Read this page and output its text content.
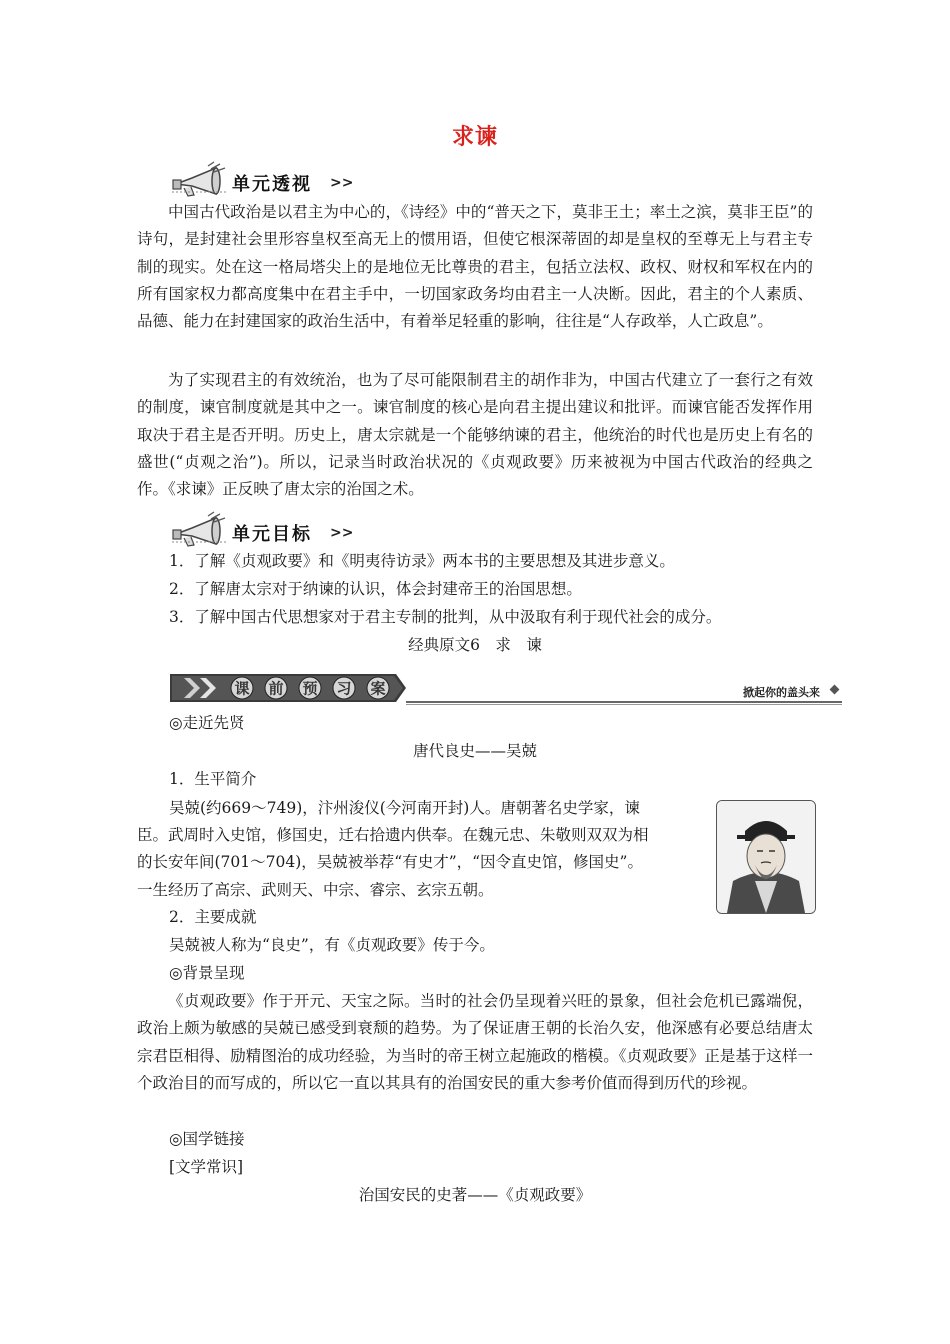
求谏
单元透视 >>

中国古代政治是以君主为中心的，《诗经》中的“普天之下，莫非王土；率土之滨，莫非王臣”的诗句，是封建社会里形容皇权至高无上的惯用语，但使它根深蒂固的却是皇权的至尊无上与君主专制的现实。处在这一格局塔尖上的是地位无比尊贵的君主，包括立法权、政权、财权和军权在内的所有国家权力都高度集中在君主手中，一切国家政务均由君主一人决断。因此，君主的个人素质、品德、能力在封建国家的政治生活中，有着举足轻重的影响，往往是“人存政举，人亡政息”。

为了实现君主的有效统治，也为了尽可能限制君主的胡作非为，中国古代建立了一套行之有效的制度，谏官制度就是其中之一。谏官制度的核心是向君主提出建议和批评。而谏官能否发挥作用取决于君主是否开明。历史上，唐太宗就是一个能够纳谏的君主，他统治的时代也是历史上有名的盛世(“贞观之治”)。所以，记录当时政治状况的《贞观政要》历来被视为中国古代政治的经典之作。《求谏》正反映了唐太宗的治国之术。

单元目标 >>

1．了解《贞观政要》和《明夷待访录》两本书的主要思想及其进步意义。

2．了解唐太宗对于纳谏的认识，体会封建帝王的治国思想。

3．了解中国古代思想家对于君主专制的批判，从中汲取有利于现代社会的成分。

经典原文6　求　谏

课 前 预 习 案	掀起你的盖头来

◎走近先贤

唐代良史——吴兢

1．生平简介

吴兢(约669～749)，汴州浚仪(今河南开封)人。唐朝著名史学家，谏

臣。武周时入史馆，修国史，迁右拾遗内供奉。在魏元忠、朱敬则双双为相

的长安年间(701～704)，吴兢被举荐“有史才”，“因令直史馆，修国史”。

一生经历了高宗、武则天、中宗、睿宗、玄宗五朝。

2．主要成就

吴兢被人称为“良史”，有《贞观政要》传于今。

◎背景呈现

《贞观政要》作于开元、天宝之际。当时的社会仍呈现着兴旺的景象，但社会危机已露端倪，政治上颇为敏感的吴兢已感受到衰颓的趋势。为了保证唐王朝的长治久安，他深感有必要总结唐太宗君臣相得、励精图治的成功经验，为当时的帝王树立起施政的楷模。《贞观政要》正是基于这样一个政治目的而写成的，所以它一直以其具有的治国安民的重大参考价值而得到历代的珍视。

◎国学链接

[文学常识]

治国安民的史著——《贞观政要》
